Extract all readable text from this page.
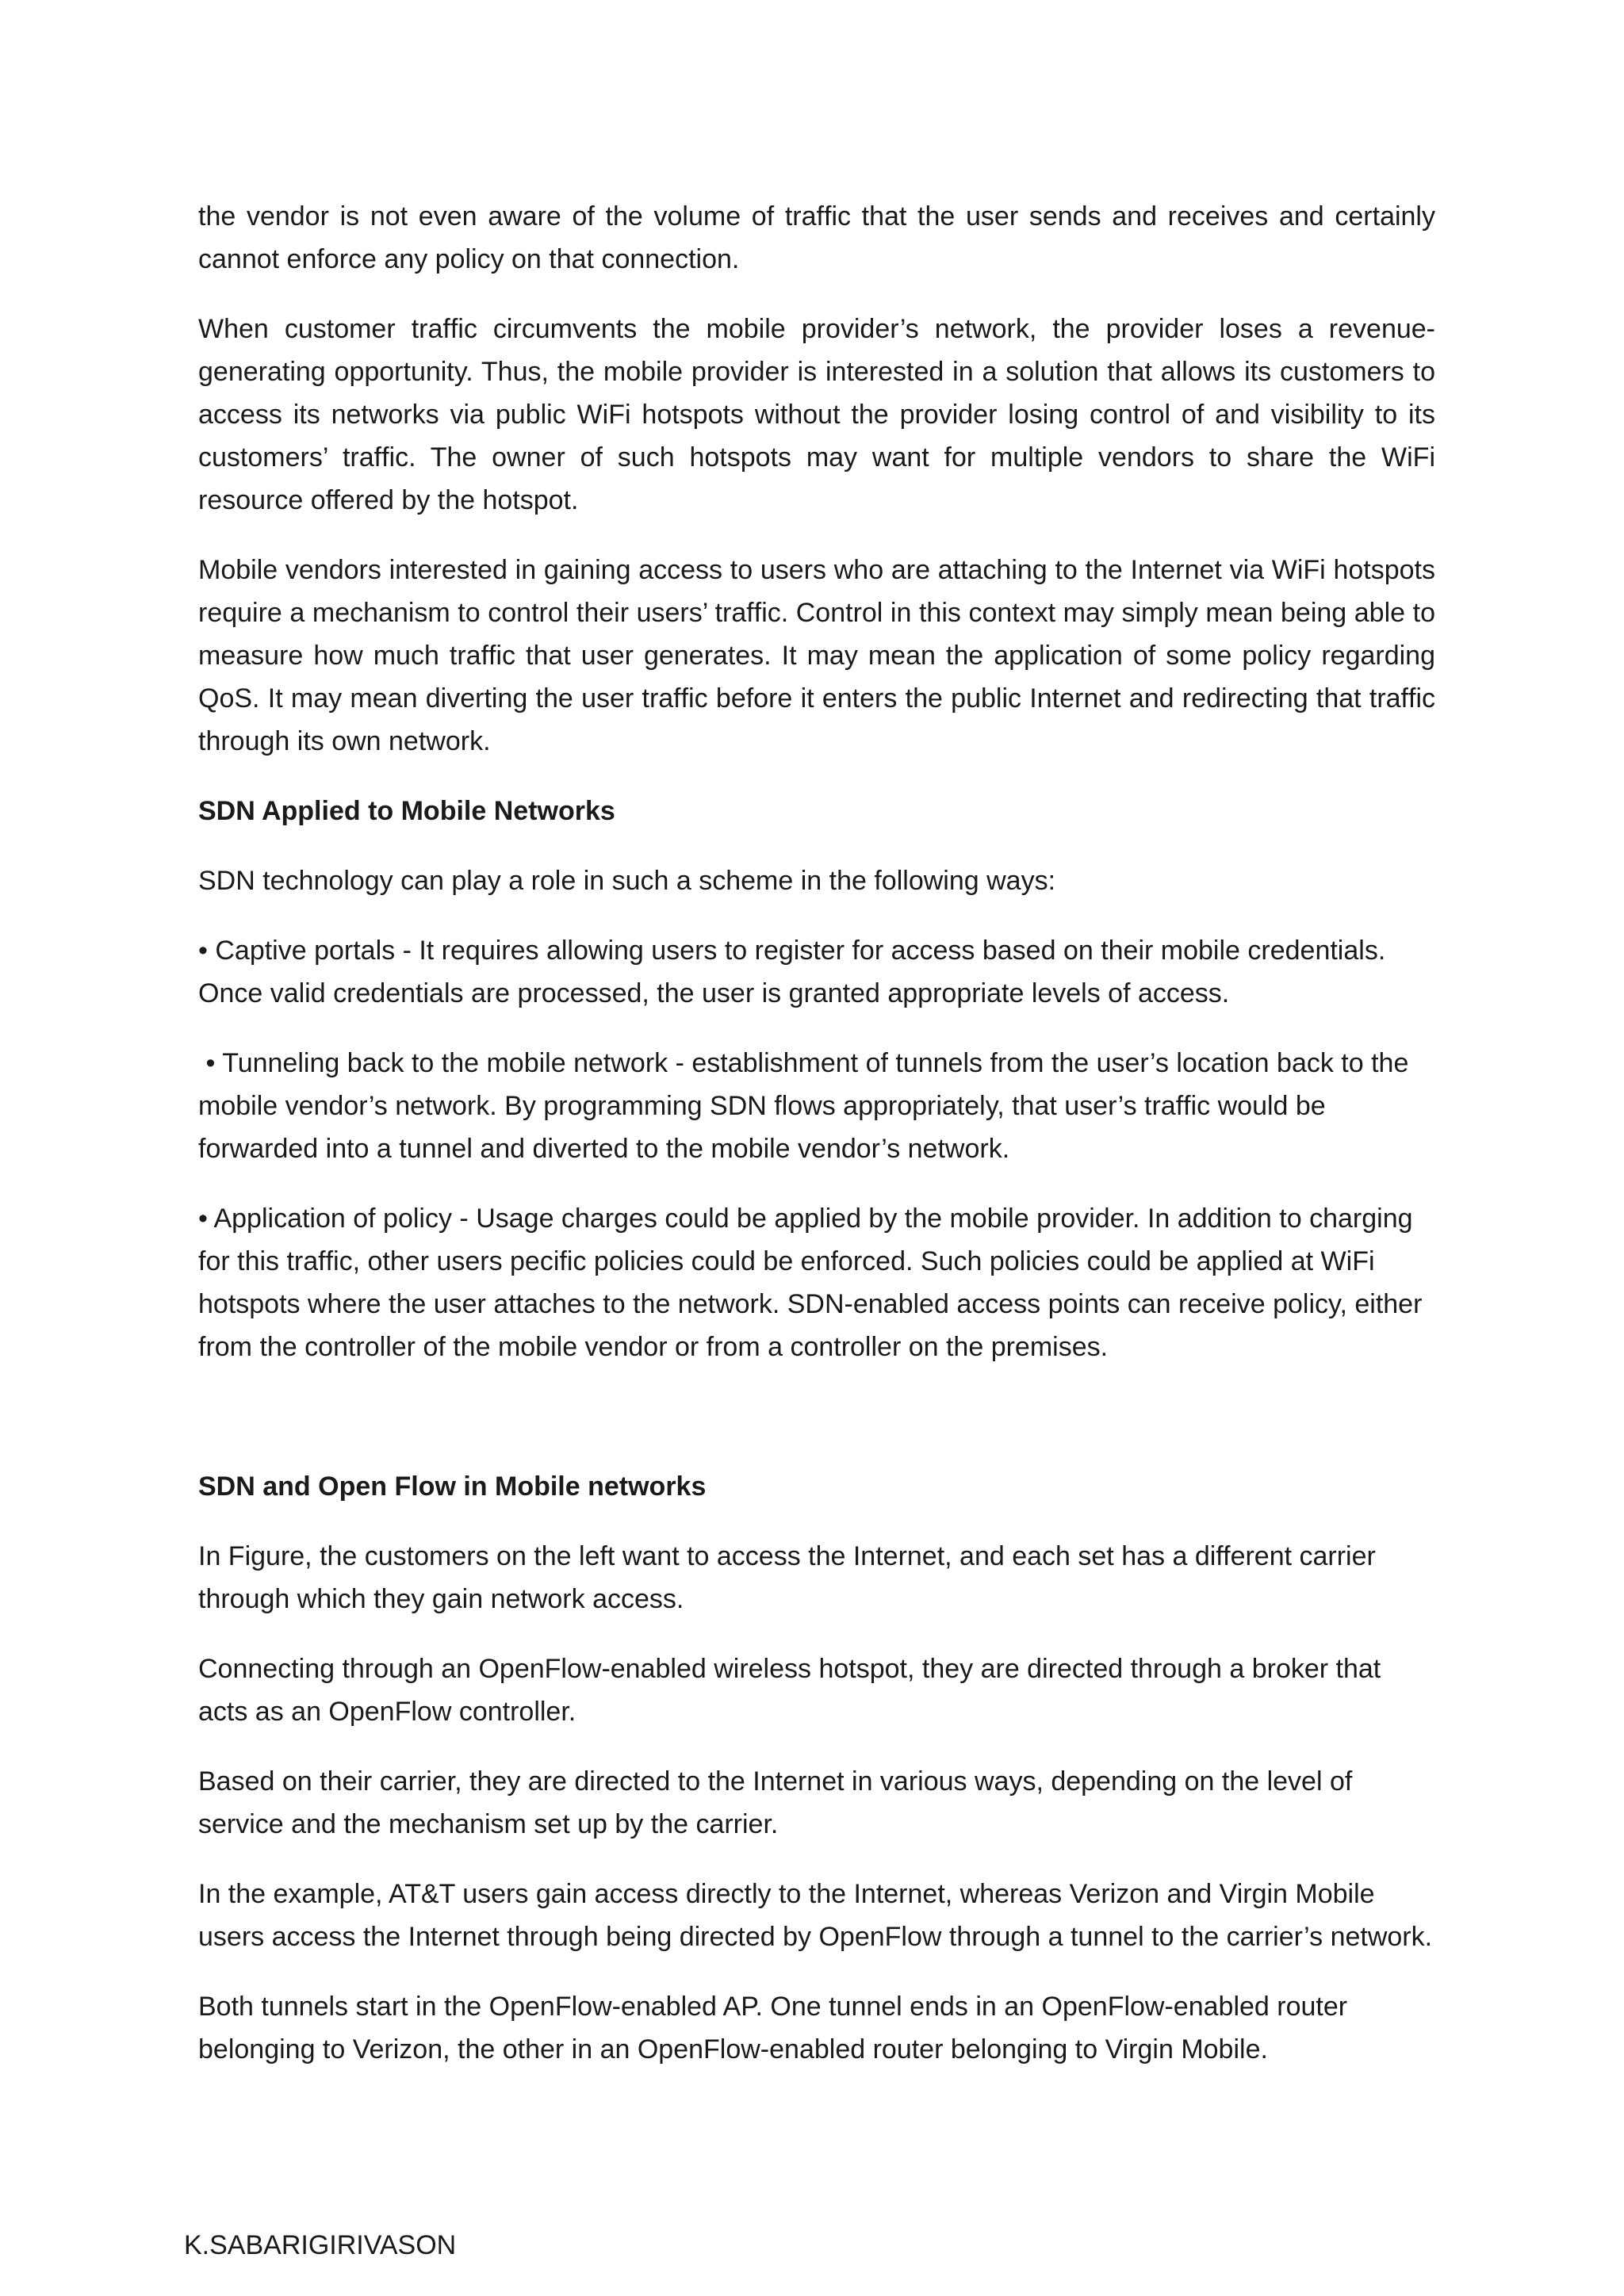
the vendor is not even aware of the volume of trafﬁc that the user sends and receives and certainly cannot enforce any policy on that connection.

When customer trafﬁc circumvents the mobile provider’s network, the provider loses a revenue-generating opportunity. Thus, the mobile provider is interested in a solution that allows its customers to access its networks via public WiFi hotspots without the provider losing control of and visibility to its customers’ trafﬁc. The owner of such hotspots may want for multiple vendors to share the WiFi resource offered by the hotspot.

Mobile vendors interested in gaining access to users who are attaching to the Internet via WiFi hotspots require a mechanism to control their users’ trafﬁc. Control in this context may simply mean being able to measure how much trafﬁc that user generates. It may mean the application of some policy regarding QoS. It may mean diverting the user trafﬁc before it enters the public Internet and redirecting that trafﬁc through its own network.

SDN Applied to Mobile Networks

SDN technology can play a role in such a scheme in the following ways:

• Captive portals - It requires allowing users to register for access based on their mobile credentials. Once valid credentials are processed, the user is granted appropriate levels of access.

• Tunneling back to the mobile network - establishment of tunnels from the user’s location back to the mobile vendor’s network. By programming SDN flows appropriately, that user’s trafﬁc would be forwarded into a tunnel and diverted to the mobile vendor’s network.

• Application of policy - Usage charges could be applied by the mobile provider. In addition to charging for this trafﬁc, other users pecific policies could be enforced. Such policies could be applied at WiFi hotspots where the user attaches to the network. SDN-enabled access points can receive policy, either from the controller of the mobile vendor or from a controller on the premises.

SDN and Open Flow in Mobile networks

In Figure, the customers on the left want to access the Internet, and each set has a different carrier through which they gain network access.

Connecting through an OpenFlow-enabled wireless hotspot, they are directed through a broker that acts as an OpenFlow controller.

Based on their carrier, they are directed to the Internet in various ways, depending on the level of service and the mechanism set up by the carrier.

In the example, AT&T users gain access directly to the Internet, whereas Verizon and Virgin Mobile users access the Internet through being directed by OpenFlow through a tunnel to the carrier’s network.

Both tunnels start in the OpenFlow-enabled AP. One tunnel ends in an OpenFlow-enabled router belonging to Verizon, the other in an OpenFlow-enabled router belonging to Virgin Mobile.

K.SABARIGIRIVASON
